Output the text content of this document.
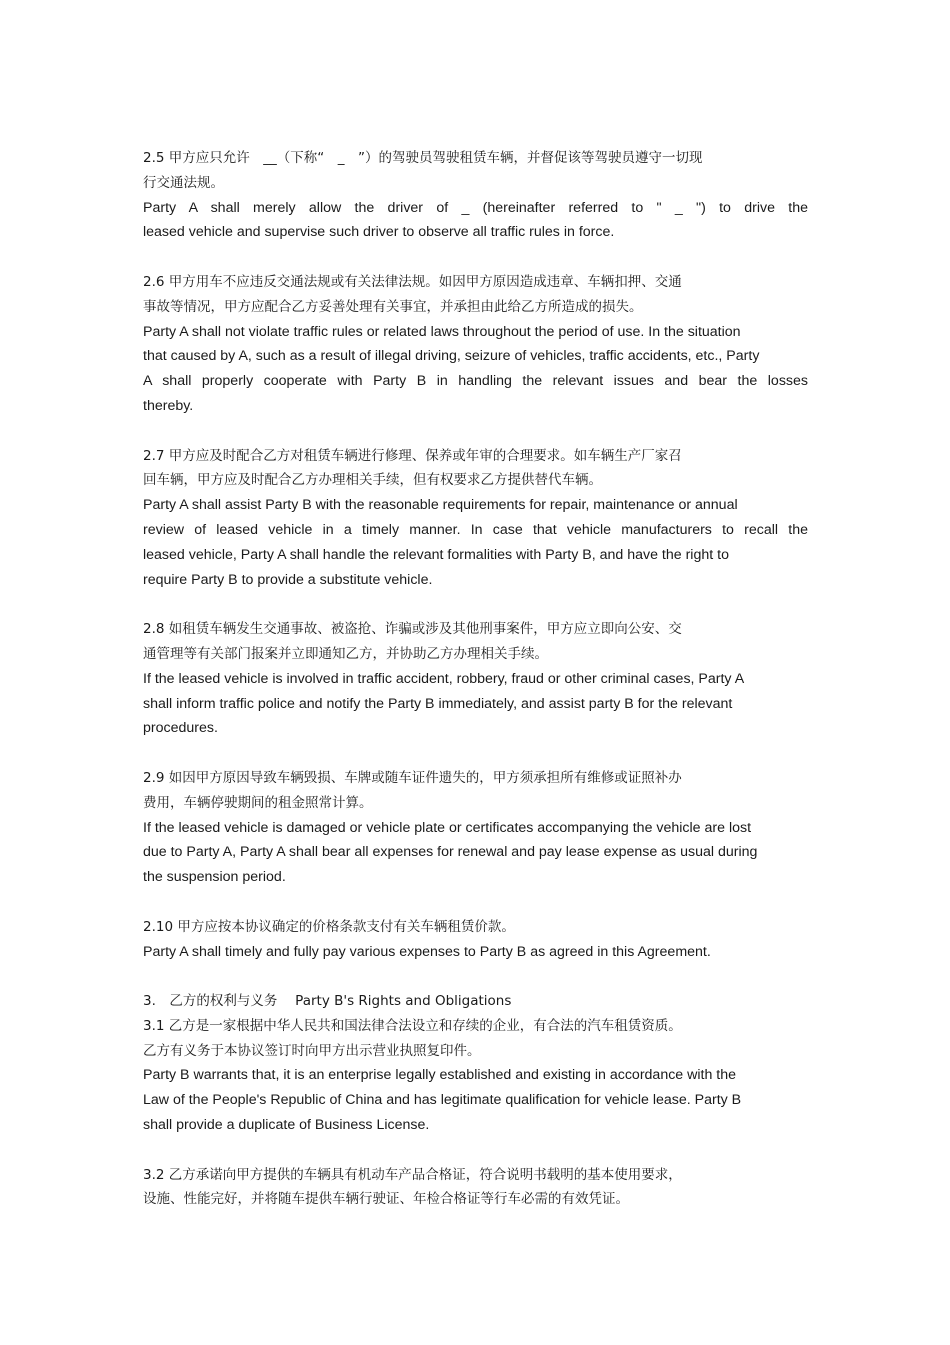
2.5 甲方应只允许　__（下称“　_　”）的驾驶员驾驶租赁车辆，并督促该等驾驶员遵守一切现
行交通法规。
Party A shall merely allow the driver of _ (hereinafter referred to " _ ") to drive the
leased vehicle and supervise such driver to observe all traffic rules in force.
2.6 甲方用车不应违反交通法规或有关法律法规。如因甲方原因造成违章、车辆扣押、交通
事故等情况，甲方应配合乙方妥善处理有关事宜，并承担由此给乙方所造成的损失。
Party A shall not violate traffic rules or related laws throughout the period of use. In the situation
that caused by A, such as a result of illegal driving, seizure of vehicles, traffic accidents, etc., Party
A shall properly cooperate with Party B in handling the relevant issues and bear the losses
thereby.
2.7 甲方应及时配合乙方对租赁车辆进行修理、保养或年审的合理要求。如车辆生产厂家召
回车辆，甲方应及时配合乙方办理相关手续，但有权要求乙方提供替代车辆。
Party A shall assist Party B with the reasonable requirements for repair, maintenance or annual
review of leased vehicle in a timely manner. In case that vehicle manufacturers to recall the
leased vehicle, Party A shall handle the relevant formalities with Party B, and have the right to
require Party B to provide a substitute vehicle.
2.8 如租赁车辆发生交通事故、被盗抢、诈骗或涉及其他刑事案件，甲方应立即向公安、交
通管理等有关部门报案并立即通知乙方，并协助乙方办理相关手续。
If the leased vehicle is involved in traffic accident, robbery, fraud or other criminal cases, Party A
shall inform traffic police and notify the Party B immediately, and assist party B for the relevant
procedures.
2.9 如因甲方原因导致车辆毁损、车牌或随车证件遗失的，甲方须承担所有维修或证照补办
费用，车辆停驶期间的租金照常计算。
If the leased vehicle is damaged or vehicle plate or certificates accompanying the vehicle are lost
due to Party A, Party A shall bear all expenses for renewal and pay lease expense as usual during
the suspension period.
2.10 甲方应按本协议确定的价格条款支付有关车辆租赁价款。
Party A shall timely and fully pay various expenses to Party B as agreed in this Agreement.
3.　乙方的权利与义务　 Party B's Rights and Obligations
3.1 乙方是一家根据中华人民共和国法律合法设立和存续的企业，有合法的汽车租赁资质。
乙方有义务于本协议签订时向甲方出示营业执照复印件。
Party B warrants that, it is an enterprise legally established and existing in accordance with the
Law of the People's Republic of China and has legitimate qualification for vehicle lease. Party B
shall provide a duplicate of Business License.
3.2 乙方承诺向甲方提供的车辆具有机动车产品合格证，符合说明书载明的基本使用要求，
设施、性能完好，并将随车提供车辆行驶证、年检合格证等行车必需的有效凭证。
